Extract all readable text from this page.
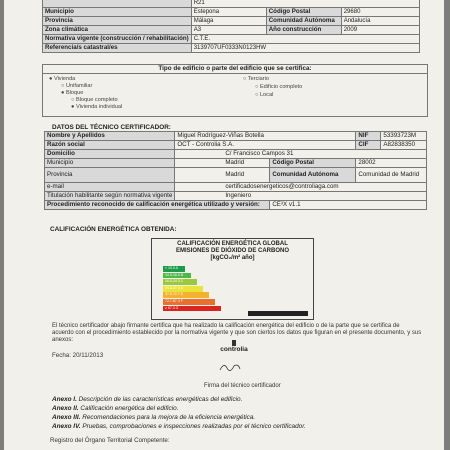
	R21		
Municipio	Estepona	Código Postal	29680
Provincia	Málaga	Comunidad Autónoma	Andalucía
Zona climática	A3	Año construcción	2009
Normativa vigente (construcción / rehabilitación)	C.T.E.		
Referencia/s catastral/es	3139707UF0333N0123HW		
Tipo de edificio o parte del edificio que se certifica:
● Vivienda
○ Unifamiliar
● Bloque
○ Bloque completo
● Vivienda individual
○ Terciario
○ Edificio completo
○ Local
DATOS DEL TÉCNICO CERTIFICADOR:
Nombre y Apellidos	Miguel Rodríguez-Viñas Botella		NIF	53393723M
Razón social	OCT - Controlia S.A.		CIF	A82838350
Domicilio	C/ Francisco Campos 31			
Municipio	Madrid	Código Postal	28002	
Provincia	Madrid	Comunidad Autónoma	Comunidad de Madrid	
e-mail	certificadosenergeticos@controliaga.com			
Titulación habilitante según normativa vigente	Ingeniero			
Procedimiento reconocido de calificación energética utilizado y versión:		CE³X v1.1		
CALIFICACIÓN ENERGÉTICA OBTENIDA:
CALIFICACIÓN ENERGÉTICA GLOBAL
EMISIONES DE DIÓXIDO DE CARBONO
[kgCO₂/m² año]
< 10.0 A
10.0-16.0 B
16.0-24.3 C
24.3-37.0 D
37.0-72.7 E
72.7-87.3 F
≥ 87.3 G

El técnico certificador abajo firmante certifica que ha realizado la calificación energética del edificio o de la parte que se certifica de acuerdo con el procedimiento establecido por la normativa vigente y que son ciertos los datos que figuran en el presente documento, y sus anexos:

Fecha: 20/11/2013
controlia
Firma del técnico certificador
Anexo I. Descripción de las características energéticas del edificio.
Anexo II. Calificación energética del edificio.
Anexo III. Recomendaciones para la mejora de la eficiencia energética.
Anexo IV. Pruebas, comprobaciones e inspecciones realizadas por el técnico certificador.
Registro del Órgano Territorial Competente:
